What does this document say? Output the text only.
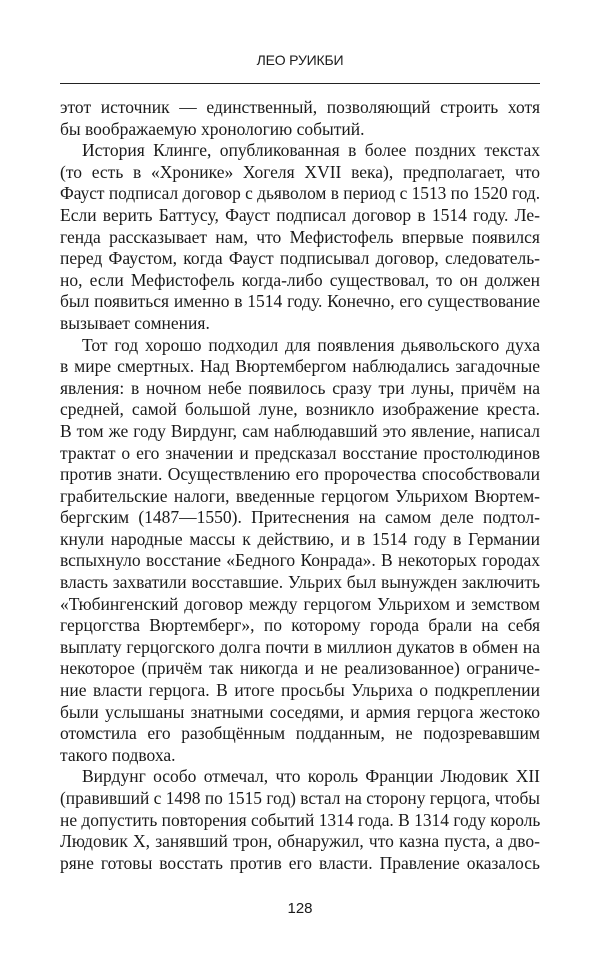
ЛЕО РУИКБИ
этот источник — единственный, позволяющий строить хотя
бы воображаемую хронологию событий.
История Клинге, опубликованная в более поздних текстах
(то есть в «Хронике» Хогеля XVII века), предполагает, что
Фауст подписал договор с дьяволом в период с 1513 по 1520 год.
Если верить Баттусу, Фауст подписал договор в 1514 году. Ле-
генда рассказывает нам, что Мефистофель впервые появился
перед Фаустом, когда Фауст подписывал договор, следователь-
но, если Мефистофель когда-либо существовал, то он должен
был появиться именно в 1514 году. Конечно, его существование
вызывает сомнения.
Тот год хорошо подходил для появления дьявольского духа
в мире смертных. Над Вюртембергом наблюдались загадочные
явления: в ночном небе появилось сразу три луны, причём на
средней, самой большой луне, возникло изображение креста.
В том же году Вирдунг, сам наблюдавший это явление, написал
трактат о его значении и предсказал восстание простолюдинов
против знати. Осуществлению его пророчества способствовали
грабительские налоги, введенные герцогом Ульрихом Вюртем-
бергским (1487—1550). Притеснения на самом деле подтол-
кнули народные массы к действию, и в 1514 году в Германии
вспыхнуло восстание «Бедного Конрада». В некоторых городах
власть захватили восставшие. Ульрих был вынужден заключить
«Тюбингенский договор между герцогом Ульрихом и земством
герцогства Вюртемберг», по которому города брали на себя
выплату герцогского долга почти в миллион дукатов в обмен на
некоторое (причём так никогда и не реализованное) ограниче-
ние власти герцога. В итоге просьбы Ульриха о подкреплении
были услышаны знатными соседями, и армия герцога жестоко
отомстила его разобщённым подданным, не подозревавшим
такого подвоха.
Вирдунг особо отмечал, что король Франции Людовик XII
(правивший с 1498 по 1515 год) встал на сторону герцога, чтобы
не допустить повторения событий 1314 года. В 1314 году король
Людовик X, занявший трон, обнаружил, что казна пуста, а дво-
ряне готовы восстать против его власти. Правление оказалось
128
